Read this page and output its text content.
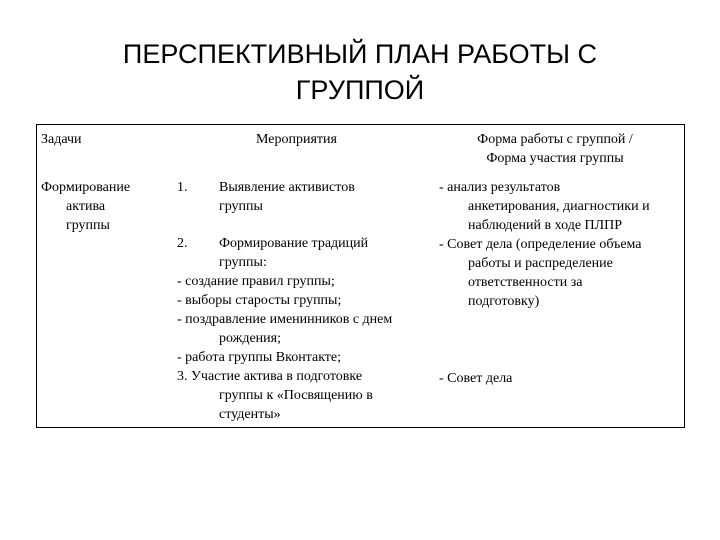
ПЕРСПЕКТИВНЫЙ ПЛАН РАБОТЫ С
ГРУППОЙ
Задачи	Мероприятия	Форма работы с группой /
Форма участия группы
Формирование
актива
группы
1. Выявление активистов
группы
2. Формирование традиций
группы:
- создание правил группы;
- выборы старосты группы;
- поздравление именинников с днем
рождения;
- работа группы Вконтакте;
3. Участие актива в подготовке
группы к «Посвящению в
студенты»
- анализ результатов
анкетирования, диагностики и
наблюдений в ходе ПЛПР
- Совет дела (определение объема
работы и распределение
ответственности за
подготовку)
- Совет дела
